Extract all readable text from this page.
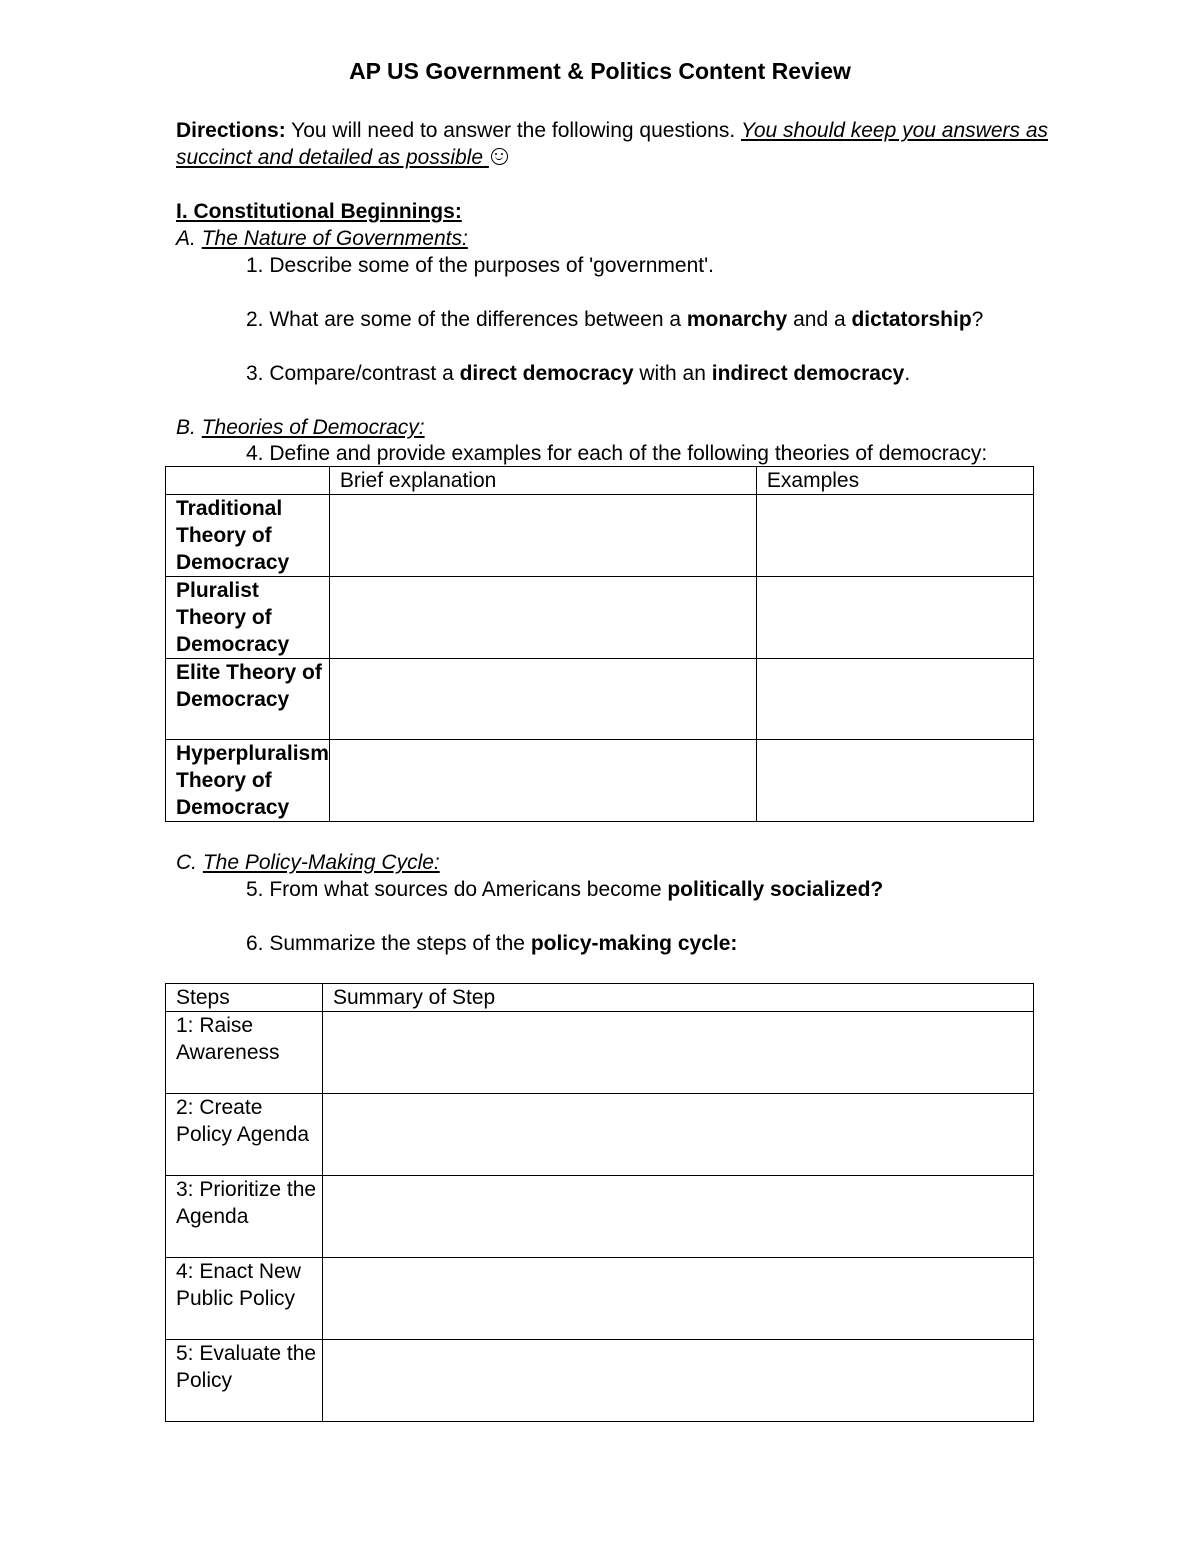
AP US Government & Politics Content Review
Directions: You will need to answer the following questions. You should keep you answers as
succinct and detailed as possible
I. Constitutional Beginnings:
A. The Nature of Governments:
1. Describe some of the purposes of 'government'.
2. What are some of the differences between a monarchy and a dictatorship?
3. Compare/contrast a direct democracy with an indirect democracy.
B. Theories of Democracy:
4. Define and provide examples for each of the following theories of democracy:
	Brief explanation	Examples
Traditional Theory of Democracy		
Pluralist Theory of Democracy		
Elite Theory of Democracy		
Hyperpluralism Theory of Democracy		
C. The Policy-Making Cycle:
5. From what sources do Americans become politically socialized?
6. Summarize the steps of the policy-making cycle:
Steps	Summary of Step
1: Raise Awareness	
2: Create Policy Agenda	
3: Prioritize the Agenda	
4: Enact New Public Policy	
5: Evaluate the Policy	
